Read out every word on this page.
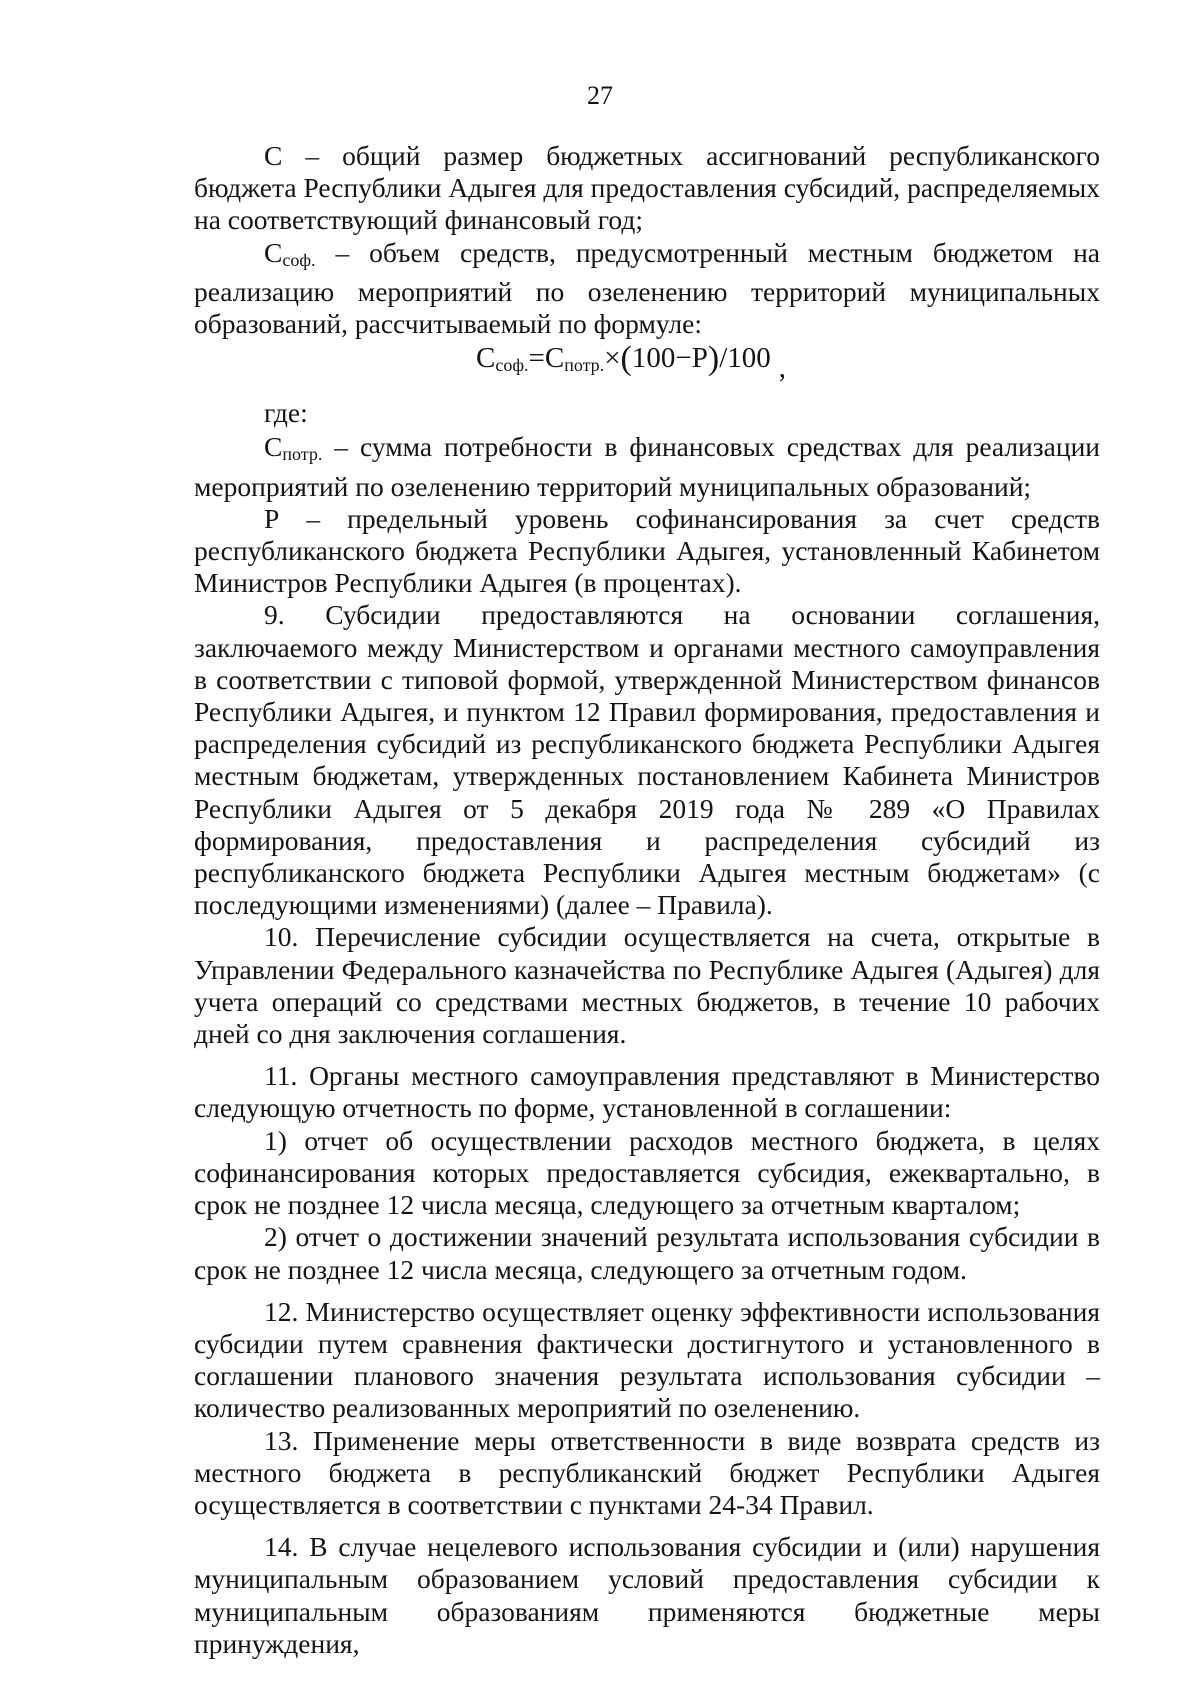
27

С – общий размер бюджетных ассигнований республиканского бюджета Республики Адыгея для предоставления субсидий, распределяемых на соответствующий финансовый год;

Ссоф. – объем средств, предусмотренный местным бюджетом на реализацию мероприятий по озеленению территорий муниципальных образований, рассчитываемый по формуле:

Ссоф.=Спотр.×(100−Р)/100 ,

где:

Спотр. – сумма потребности в финансовых средствах для реализации мероприятий по озеленению территорий муниципальных образований;

Р – предельный уровень софинансирования за счет средств республиканского бюджета Республики Адыгея, установленный Кабинетом Министров Республики Адыгея (в процентах).

9. Субсидии предоставляются на основании соглашения, заключаемого между Министерством и органами местного самоуправления в соответствии с типовой формой, утвержденной Министерством финансов Республики Адыгея, и пунктом 12 Правил формирования, предоставления и распределения субсидий из республиканского бюджета Республики Адыгея местным бюджетам, утвержденных постановлением Кабинета Министров Республики Адыгея от 5 декабря 2019 года № 289 «О Правилах формирования, предоставления и распределения субсидий из республиканского бюджета Республики Адыгея местным бюджетам» (с последующими изменениями) (далее – Правила).

10. Перечисление субсидии осуществляется на счета, открытые в Управлении Федерального казначейства по Республике Адыгея (Адыгея) для учета операций со средствами местных бюджетов, в течение 10 рабочих дней со дня заключения соглашения.

11. Органы местного самоуправления представляют в Министерство следующую отчетность по форме, установленной в соглашении:

1) отчет об осуществлении расходов местного бюджета, в целях софинансирования которых предоставляется субсидия, ежеквартально, в срок не позднее 12 числа месяца, следующего за отчетным кварталом;

2) отчет о достижении значений результата использования субсидии в срок не позднее 12 числа месяца, следующего за отчетным годом.

12. Министерство осуществляет оценку эффективности использования субсидии путем сравнения фактически достигнутого и установленного в соглашении планового значения результата использования субсидии – количество реализованных мероприятий по озеленению.

13. Применение меры ответственности в виде возврата средств из местного бюджета в республиканский бюджет Республики Адыгея осуществляется в соответствии с пунктами 24-34 Правил.

14. В случае нецелевого использования субсидии и (или) нарушения муниципальным образованием условий предоставления субсидии к муниципальным образованиям применяются бюджетные меры принуждения,
